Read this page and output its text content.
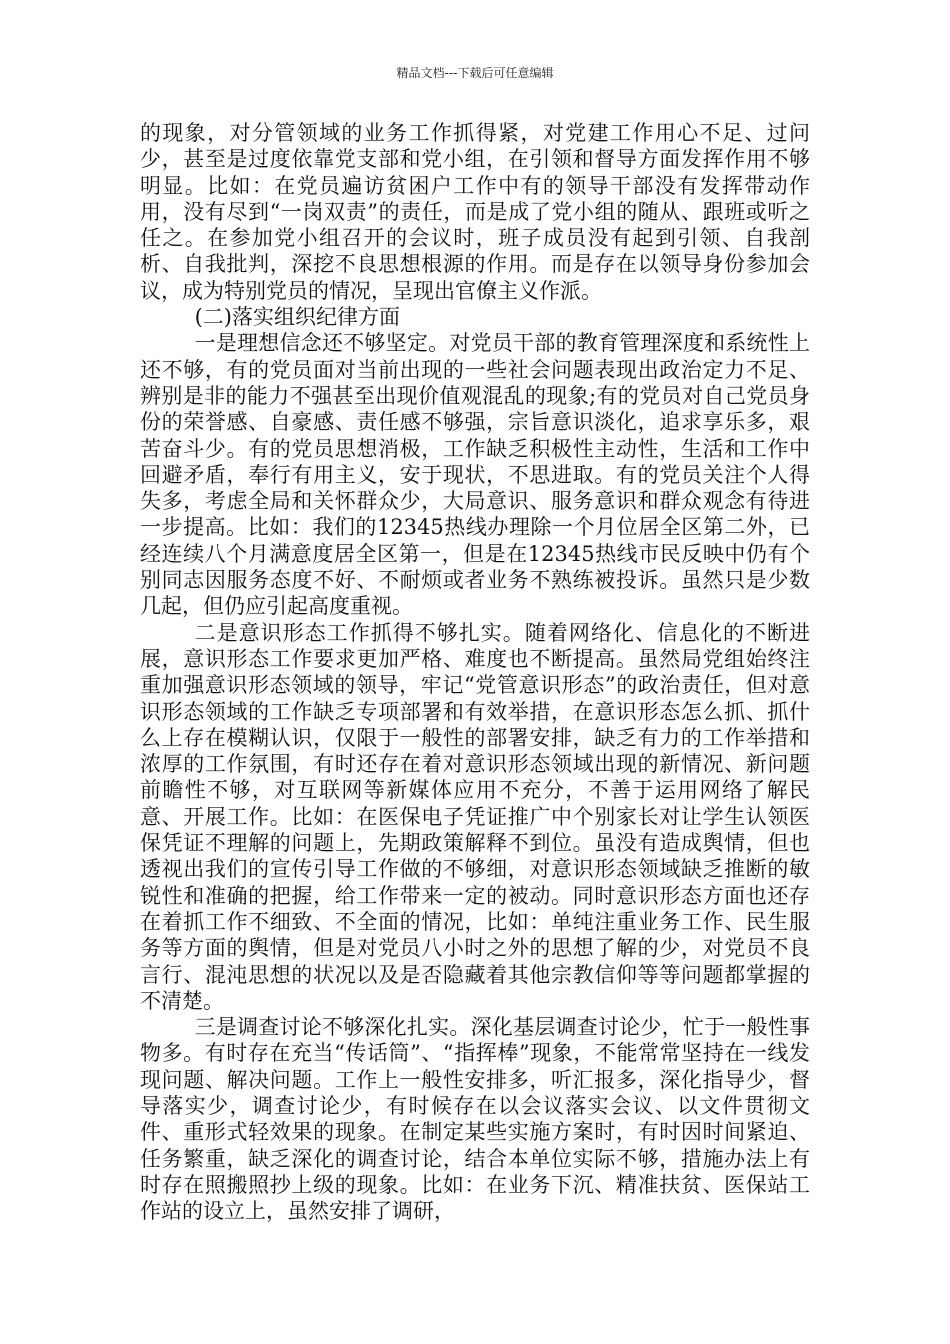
精品文档---下载后可任意编辑

的现象，对分管领域的业务工作抓得紧，对党建工作用心不足、过问少，甚至是过度依靠党支部和党小组，在引领和督导方面发挥作用不够明显。比如：在党员遍访贫困户工作中有的领导干部没有发挥带动作用，没有尽到“一岗双责”的责任，而是成了党小组的随从、跟班或听之任之。在参加党小组召开的会议时，班子成员没有起到引领、自我剖析、自我批判，深挖不良思想根源的作用。而是存在以领导身份参加会议，成为特别党员的情况，呈现出官僚主义作派。

(二)落实组织纪律方面

一是理想信念还不够坚定。对党员干部的教育管理深度和系统性上还不够，有的党员面对当前出现的一些社会问题表现出政治定力不足、辨别是非的能力不强甚至出现价值观混乱的现象;有的党员对自己党员身份的荣誉感、自豪感、责任感不够强，宗旨意识淡化，追求享乐多，艰苦奋斗少。有的党员思想消极，工作缺乏积极性主动性，生活和工作中回避矛盾，奉行有用主义，安于现状，不思进取。有的党员关注个人得失多，考虑全局和关怀群众少，大局意识、服务意识和群众观念有待进一步提高。比如：我们的12345热线办理除一个月位居全区第二外，已经连续八个月满意度居全区第一，但是在12345热线市民反映中仍有个别同志因服务态度不好、不耐烦或者业务不熟练被投诉。虽然只是少数几起，但仍应引起高度重视。

二是意识形态工作抓得不够扎实。随着网络化、信息化的不断进展，意识形态工作要求更加严格、难度也不断提高。虽然局党组始终注重加强意识形态领域的领导，牢记“党管意识形态”的政治责任，但对意识形态领域的工作缺乏专项部署和有效举措，在意识形态怎么抓、抓什么上存在模糊认识，仅限于一般性的部署安排，缺乏有力的工作举措和浓厚的工作氛围，有时还存在着对意识形态领域出现的新情况、新问题前瞻性不够，对互联网等新媒体应用不充分，不善于运用网络了解民意、开展工作。比如：在医保电子凭证推广中个别家长对让学生认领医保凭证不理解的问题上，先期政策解释不到位。虽没有造成舆情，但也透视出我们的宣传引导工作做的不够细，对意识形态领域缺乏推断的敏锐性和准确的把握，给工作带来一定的被动。同时意识形态方面也还存在着抓工作不细致、不全面的情况，比如：单纯注重业务工作、民生服务等方面的舆情，但是对党员八小时之外的思想了解的少，对党员不良言行、混沌思想的状况以及是否隐藏着其他宗教信仰等等问题都掌握的不清楚。

三是调查讨论不够深化扎实。深化基层调查讨论少，忙于一般性事物多。有时存在充当“传话筒”、“指挥棒”现象，不能常常坚持在一线发现问题、解决问题。工作上一般性安排多，听汇报多，深化指导少，督导落实少，调查讨论少，有时候存在以会议落实会议、以文件贯彻文件、重形式轻效果的现象。在制定某些实施方案时，有时因时间紧迫、任务繁重，缺乏深化的调查讨论，结合本单位实际不够，措施办法上有时存在照搬照抄上级的现象。比如：在业务下沉、精准扶贫、医保站工作站的设立上，虽然安排了调研，
